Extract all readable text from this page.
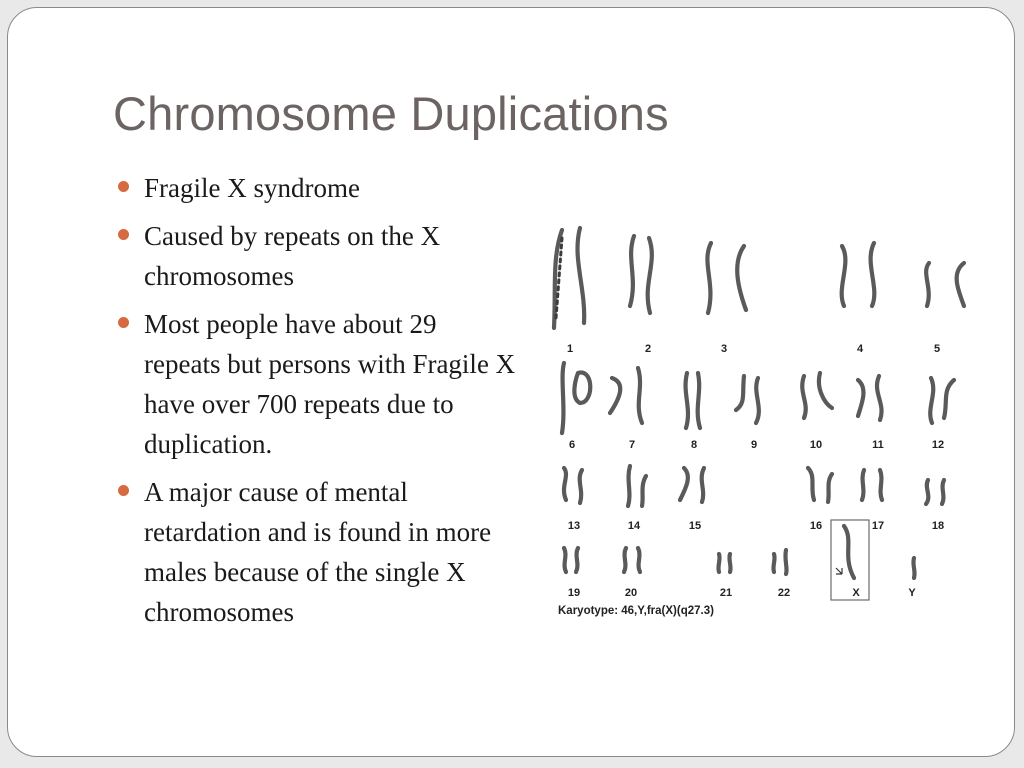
Chromosome Duplications
Fragile X syndrome
Caused by repeats on the X chromosomes
Most people have about 29 repeats but persons with Fragile X have over 700 repeats due to duplication.
A major cause of mental retardation and is found in more males because of the single X chromosomes
1	2	3	4	5
6	7	8	9	10	11	12
13	14	15	16	17	18
19	20	21	22	X	Y
Karyotype: 46,Y,fra(X)(q27.3)
